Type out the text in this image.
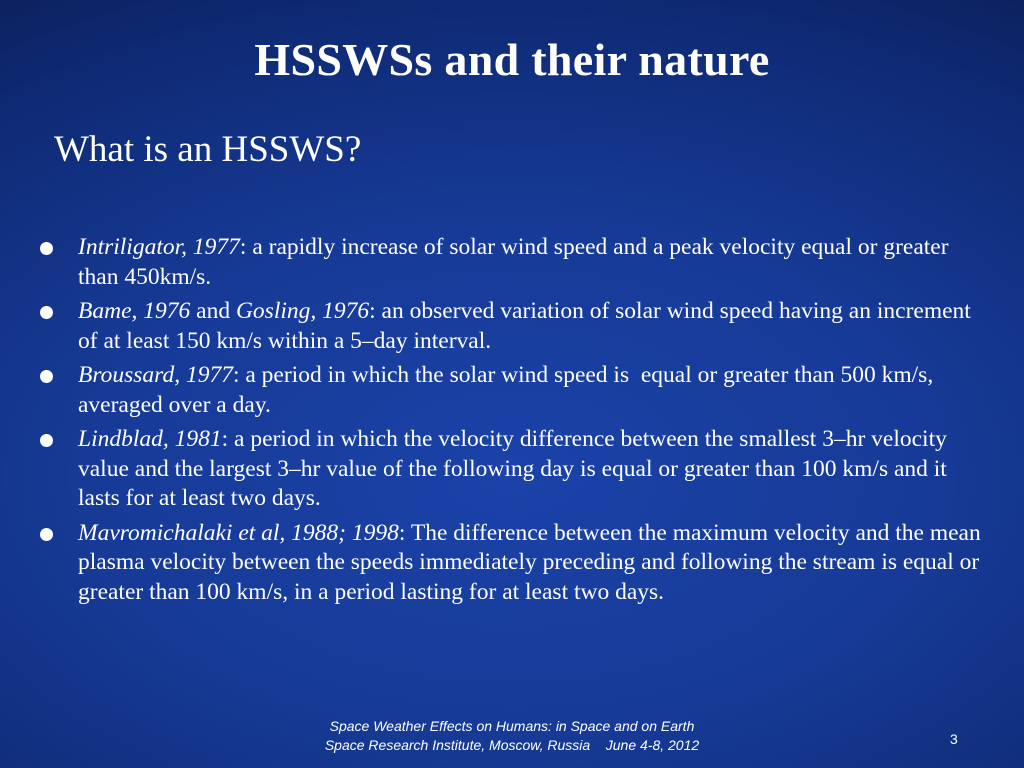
HSSWSs and their nature
What is an HSSWS?
Intriligator, 1977: a rapidly increase of solar wind speed and a peak velocity equal or greater than 450km/s.
Bame, 1976 and Gosling, 1976: an observed variation of solar wind speed having an increment of at least 150 km/s within a 5–day interval.
Broussard, 1977: a period in which the solar wind speed is  equal or greater than 500 km/s, averaged over a day.
Lindblad, 1981: a period in which the velocity difference between the smallest 3–hr velocity value and the largest 3–hr value of the following day is equal or greater than 100 km/s and it lasts for at least two days.
Mavromichalaki et al, 1988; 1998: The difference between the maximum velocity and the mean plasma velocity between the speeds immediately preceding and following the stream is equal or greater than 100 km/s, in a period lasting for at least two days.
Space Weather Effects on Humans: in Space and on Earth
Space Research Institute, Moscow, Russia    June 4-8, 2012	3
